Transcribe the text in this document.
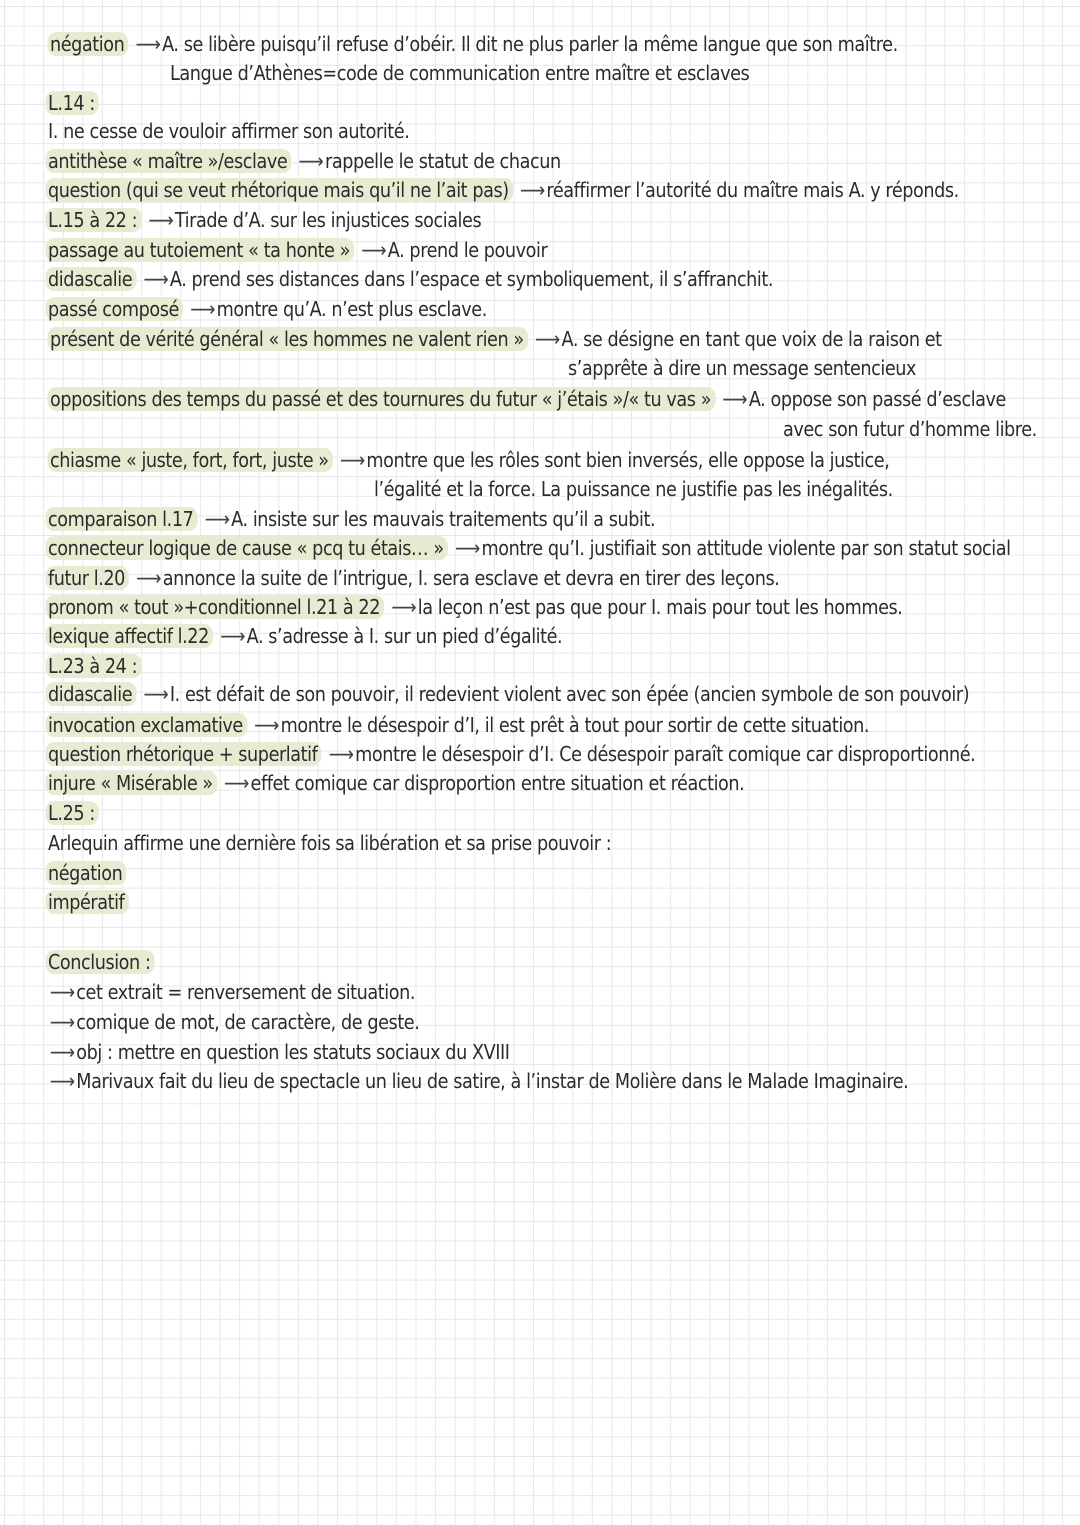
négation ⟶A. se libère puisqu’il refuse d’obéir. Il dit ne plus parler la même langue que son maître.
Langue d’Athènes=code de communication entre maître et esclaves
L.14 :
I. ne cesse de vouloir affirmer son autorité.
antithèse « maître »/esclave ⟶rappelle le statut de chacun
question (qui se veut rhétorique mais qu’il ne l’ait pas) ⟶réaffirmer l’autorité du maître mais A. y réponds.
L.15 à 22 : ⟶Tirade d’A. sur les injustices sociales
passage au tutoiement « ta honte » ⟶A. prend le pouvoir
didascalie ⟶A. prend ses distances dans l’espace et symboliquement, il s’affranchit.
passé composé ⟶montre qu’A. n’est plus esclave.
présent de vérité général « les hommes ne valent rien » ⟶A. se désigne en tant que voix de la raison et
s’apprête à dire un message sentencieux
oppositions des temps du passé et des tournures du futur « j’étais »/« tu vas » ⟶A. oppose son passé d’esclave
avec son futur d’homme libre.
chiasme « juste, fort, fort, juste » ⟶montre que les rôles sont bien inversés, elle oppose la justice,
l’égalité et la force. La puissance ne justifie pas les inégalités.
comparaison l.17 ⟶A. insiste sur les mauvais traitements qu’il a subit.
connecteur logique de cause « pcq tu étais… » ⟶montre qu’I. justifiait son attitude violente par son statut social
futur l.20 ⟶annonce la suite de l’intrigue, I. sera esclave et devra en tirer des leçons.
pronom « tout »+conditionnel l.21 à 22 ⟶la leçon n’est pas que pour I. mais pour tout les hommes.
lexique affectif l.22 ⟶A. s’adresse à I. sur un pied d’égalité.
L.23 à 24 :
didascalie ⟶I. est défait de son pouvoir, il redevient violent avec son épée (ancien symbole de son pouvoir)
invocation exclamative ⟶montre le désespoir d’I, il est prêt à tout pour sortir de cette situation.
question rhétorique + superlatif ⟶montre le désespoir d’I. Ce désespoir paraît comique car disproportionné.
injure « Misérable » ⟶effet comique car disproportion entre situation et réaction.
L.25 :
Arlequin affirme une dernière fois sa libération et sa prise pouvoir :
négation
impératif
Conclusion :
⟶cet extrait = renversement de situation.
⟶comique de mot, de caractère, de geste.
⟶obj : mettre en question les statuts sociaux du XVIII
⟶Marivaux fait du lieu de spectacle un lieu de satire, à l’instar de Molière dans le Malade Imaginaire.
